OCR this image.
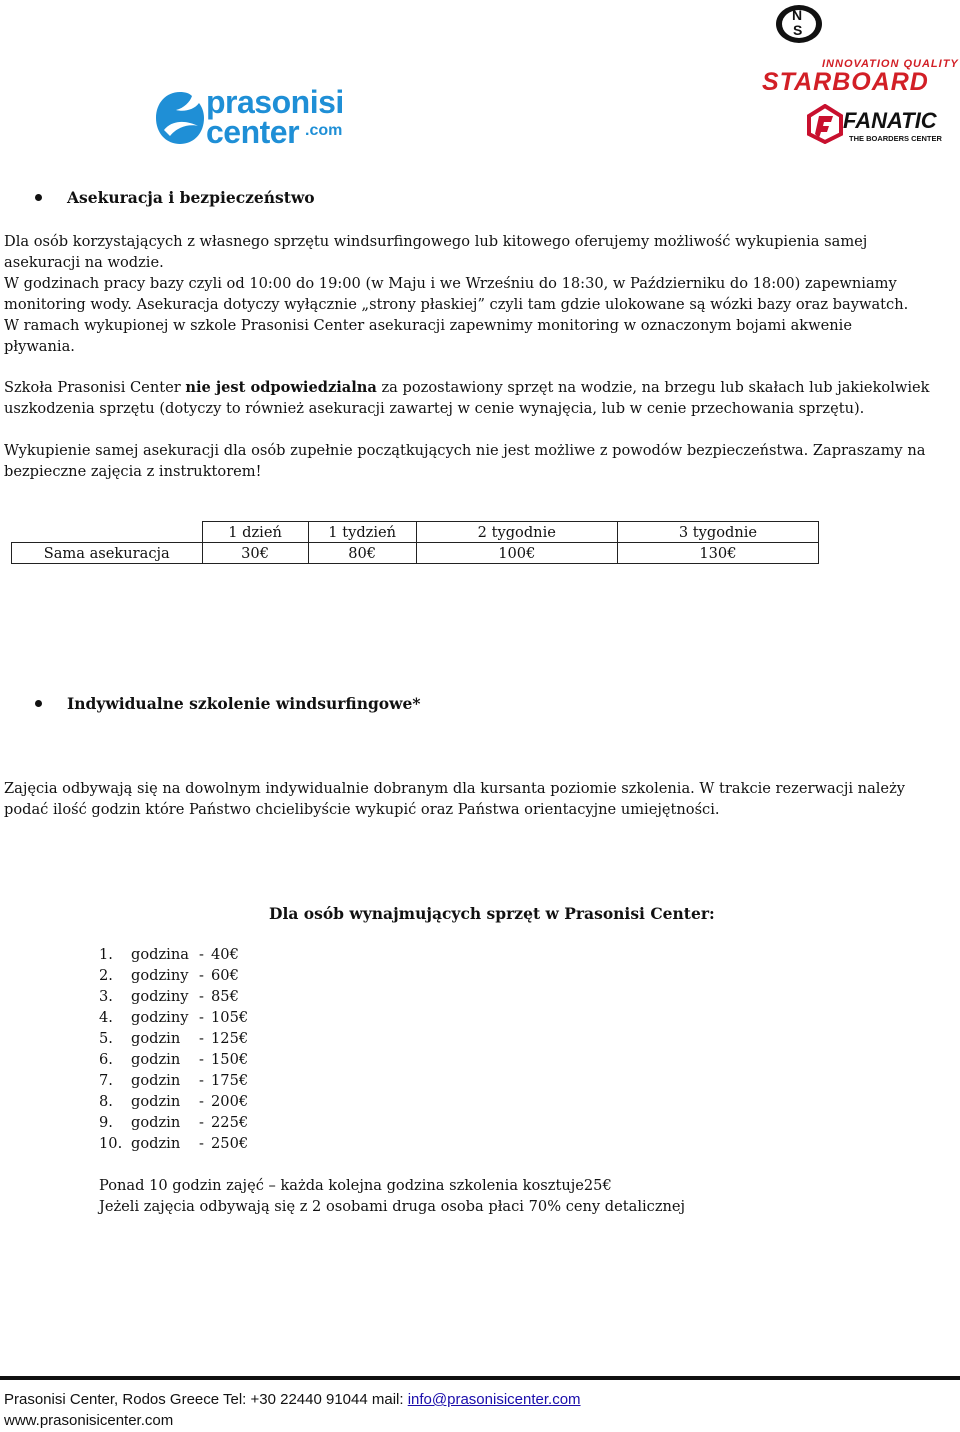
prasonisi
center .com
N
S
INNOVATION QUALITY
STARBOARD
FANATIC
THE BOARDERS CENTER
Asekuracja i bezpieczeństwo

Dla osób korzystających z własnego sprzętu windsurfingowego lub kitowego oferujemy możliwość wykupienia samej

asekuracji na wodzie.

W godzinach pracy bazy czyli od 10:00 do 19:00 (w Maju i we Wrześniu do 18:30, w Październiku do 18:00) zapewniamy

monitoring wody. Asekuracja dotyczy wyłącznie „strony płaskiej” czyli tam gdzie ulokowane są wózki bazy oraz baywatch.

W ramach wykupionej w szkole Prasonisi Center asekuracji zapewnimy monitoring w oznaczonym bojami akwenie

pływania.

Szkoła Prasonisi Center nie jest odpowiedzialna za pozostawiony sprzęt na wodzie, na brzegu lub skałach lub jakiekolwiek

uszkodzenia sprzętu (dotyczy to również asekuracji zawartej w cenie wynajęcia, lub w cenie przechowania sprzętu).

Wykupienie samej asekuracji dla osób zupełnie początkujących nie jest możliwe z powodów bezpieczeństwa. Zapraszamy na

bezpieczne zajęcia z instruktorem!

	1 dzień	1 tydzień	2 tygodnie	3 tygodnie
Sama asekuracja	30€	80€	100€	130€
Indywidualne szkolenie windsurfingowe*

Zajęcia odbywają się na dowolnym indywidualnie dobranym dla kursanta poziomie szkolenia. W trakcie rezerwacji należy

podać ilość godzin które Państwo chcielibyście wykupić oraz Państwa orientacyjne umiejętności.

Dla osób wynajmujących sprzęt w Prasonisi Center:
1.	godzina - 40€
2.	godziny - 60€
3.	godziny - 85€
4.	godziny - 105€
5.	godzin	- 125€
6.	godzin	- 150€
7.	godzin	- 175€
8.	godzin	- 200€
9.	godzin	- 225€
10. godzin	- 250€

Ponad 10 godzin zajęć – każda kolejna godzina szkolenia kosztuje25€

Jeżeli zajęcia odbywają się z 2 osobami druga osoba płaci 70% ceny detalicznej

Prasonisi Center, Rodos Greece Tel: +30 22440 91044 mail: info@prasonisicenter.com
www.prasonisicenter.com
